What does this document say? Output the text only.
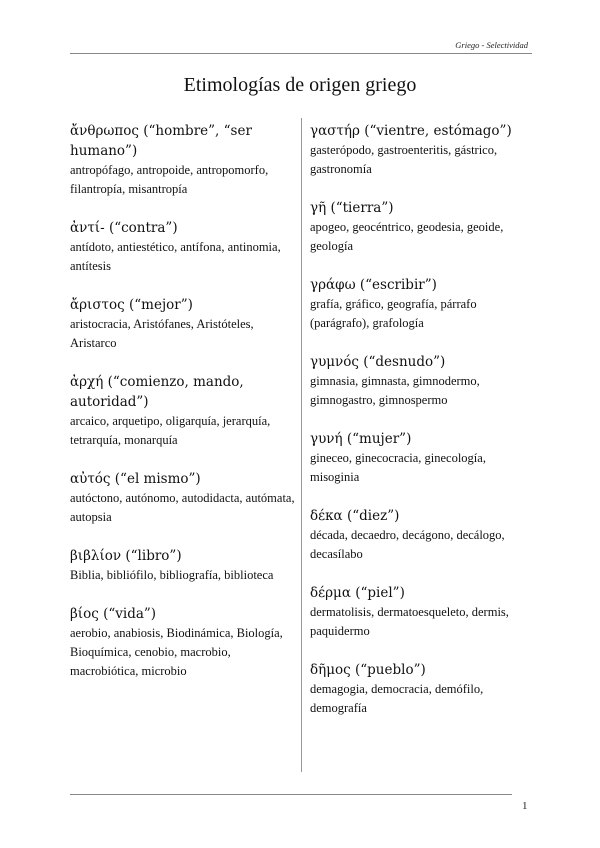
Griego - Selectividad
Etimologías de origen griego
ἄνθρωπος (“hombre”, “ser humano”)
antropófago, antropoide, antropomorfo, filantropía, misantropía
ἀντί- (“contra”)
antídoto, antiestético, antífona, antinomia, antítesis
ἄριστος (“mejor”)
aristocracia, Aristófanes, Aristóteles, Aristarco
ἀρχή (“comienzo, mando, autoridad”)
arcaico, arquetipo, oligarquía, jerarquía, tetrarquía, monarquía
αὐτός (“el mismo”)
autóctono, autónomo, autodidacta, autómata, autopsia
βιβλίον (“libro”)
Biblia, bibliófilo, bibliografía, biblioteca
βίος (“vida”)
aerobio, anabiosis, Biodinámica, Biología, Bioquímica, cenobio, macrobio, macrobiótica, microbio
γαστήρ (“vientre, estómago”)
gasterópodo, gastroenteritis, gástrico, gastronomía
γῆ (“tierra”)
apogeo, geocéntrico, geodesia, geoide, geología
γράφω (“escribir”)
grafía, gráfico, geografía, párrafo (parágrafo), grafología
γυμνός (“desnudo”)
gimnasia, gimnasta, gimnodermo, gimnogastro, gimnospermo
γυνή (“mujer”)
gineceo, ginecocracia, ginecología, misoginia
δέκα (“diez”)
década, decaedro, decágono, decálogo, decasílabo
δέρμα (“piel”)
dermatolisis, dermatoesqueleto, dermis, paquidermo
δῆμος (“pueblo”)
demagogia, democracia, demófilo, demografía
1
